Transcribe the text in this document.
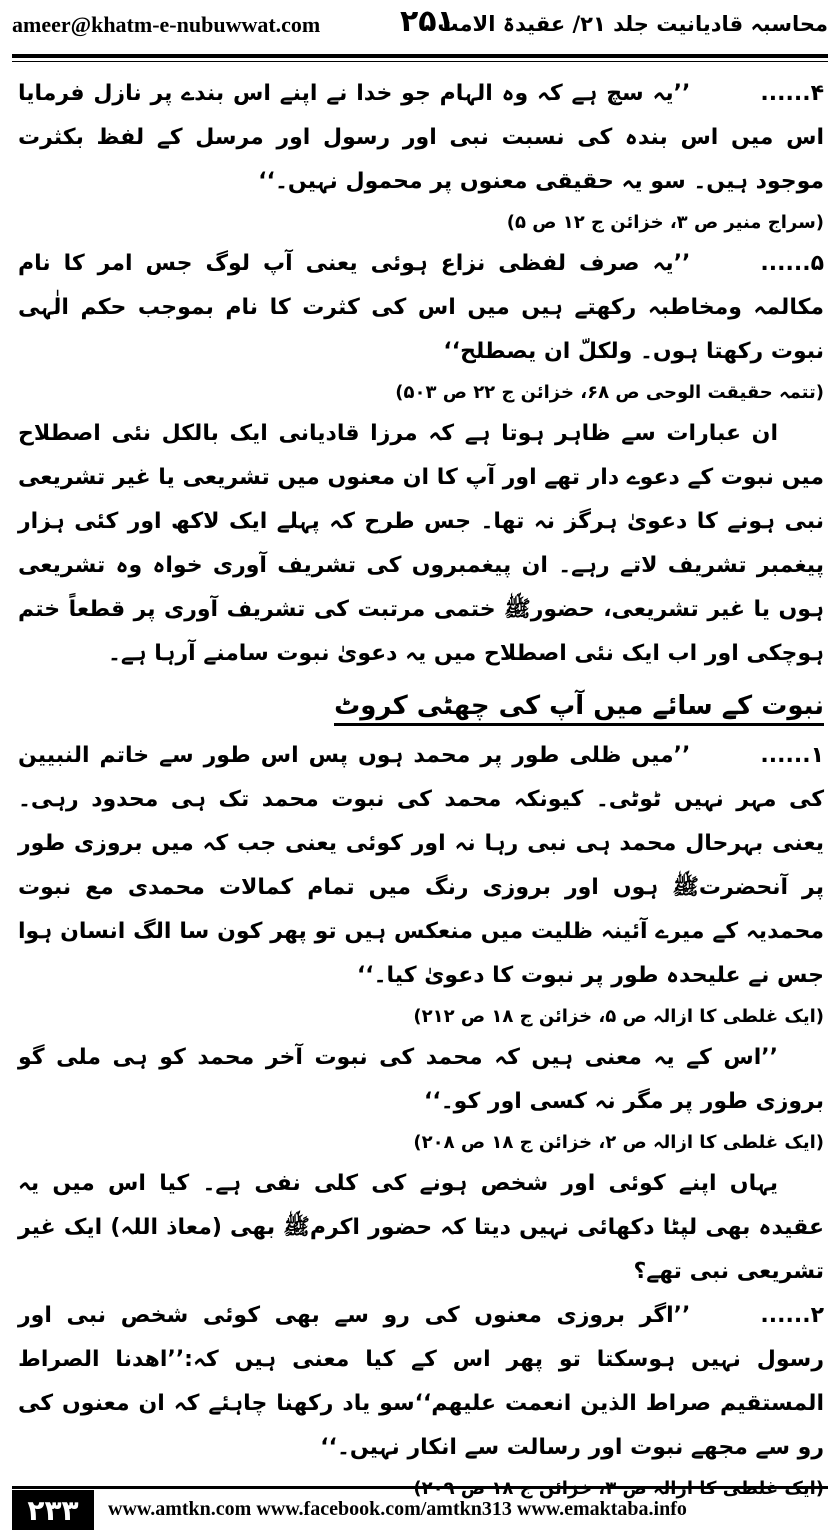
ameer@khatm-e-nubuwwat.com	۲۵۱
محاسبہ قادیانیت جلد ۲۱/ عقیدۃ الامت

۴......’’یہ سچ ہے کہ وہ الہام جو خدا نے اپنے اس بندے پر نازل فرمایا اس میں اس بندہ کی نسبت نبی اور رسول اور مرسل کے لفظ بکثرت موجود ہیں۔ سو یہ حقیقی معنوں پر محمول نہیں۔‘‘

(سراج منیر ص ۳، خزائن ج ۱۲ ص ۵)

۵......’’یہ صرف لفظی نزاع ہوئی یعنی آپ لوگ جس امر کا نام مکالمہ ومخاطبہ رکھتے ہیں میں اس کی کثرت کا نام بموجب حکم الٰہی نبوت رکھتا ہوں۔ ولکلّ ان یصطلح‘‘

(تتمہ حقیقت الوحی ص ۶۸، خزائن ج ۲۲ ص ۵۰۳)

ان عبارات سے ظاہر ہوتا ہے کہ مرزا قادیانی ایک بالکل نئی اصطلاح میں نبوت کے دعوے دار تھے اور آپ کا ان معنوں میں تشریعی یا غیر تشریعی نبی ہونے کا دعویٰ ہرگز نہ تھا۔ جس طرح کہ پہلے ایک لاکھ اور کئی ہزار پیغمبر تشریف لاتے رہے۔ ان پیغمبروں کی تشریف آوری خواہ وہ تشریعی ہوں یا غیر تشریعی، حضورﷺ ختمی مرتبت کی تشریف آوری پر قطعاً ختم ہوچکی اور اب ایک نئی اصطلاح میں یہ دعویٰ نبوت سامنے آرہا ہے۔

نبوت کے سائے میں آپ کی چھٹی کروٹ

۱......’’میں ظلی طور پر محمد ہوں پس اس طور سے خاتم النبیین کی مہر نہیں ٹوٹی۔ کیونکہ محمد کی نبوت محمد تک ہی محدود رہی۔ یعنی بہرحال محمد ہی نبی رہا نہ اور کوئی یعنی جب کہ میں بروزی طور پر آنحضرتﷺ ہوں اور بروزی رنگ میں تمام کمالات محمدی مع نبوت محمدیہ کے میرے آئینہ ظلیت میں منعکس ہیں تو پھر کون سا الگ انسان ہوا جس نے علیحدہ طور پر نبوت کا دعویٰ کیا۔‘‘

(ایک غلطی کا ازالہ ص ۵، خزائن ج ۱۸ ص ۲۱۲)

’’اس کے یہ معنی ہیں کہ محمد کی نبوت آخر محمد کو ہی ملی گو بروزی طور پر مگر نہ کسی اور کو۔‘‘

(ایک غلطی کا ازالہ ص ۲، خزائن ج ۱۸ ص ۲۰۸)

یہاں اپنے کوئی اور شخص ہونے کی کلی نفی ہے۔ کیا اس میں یہ عقیدہ بھی لپٹا دکھائی نہیں دیتا کہ حضور اکرمﷺ بھی (معاذ اللہ) ایک غیر تشریعی نبی تھے؟

۲......’’اگر بروزی معنوں کی رو سے بھی کوئی شخص نبی اور رسول نہیں ہوسکتا تو پھر اس کے کیا معنی ہیں کہ:’’اھدنا الصراط المستقیم صراط الذین انعمت علیھم‘‘سو یاد رکھنا چاہئے کہ ان معنوں کی رو سے مجھے نبوت اور رسالت سے انکار نہیں۔‘‘

(ایک غلطی کا ازالہ ص ۳، خزائن ج ۱۸ ص ۲۰۹)

۲۳۳	www.amtkn.com www.facebook.com/amtkn313 www.emaktaba.info
